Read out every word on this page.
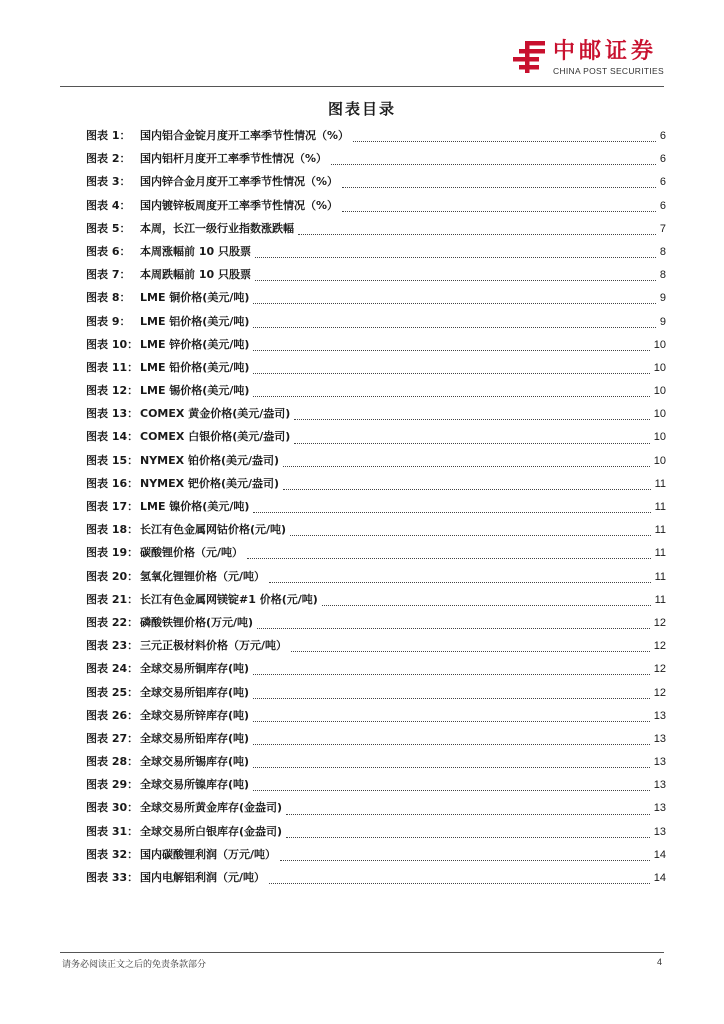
中邮证券
CHINA POST SECURITIES
图表目录
图表 1： 国内铝合金锭月度开工率季节性情况（%）	6
图表 2： 国内铝杆月度开工率季节性情况（%）	6
图表 3： 国内锌合金月度开工率季节性情况（%）	6
图表 4： 国内镀锌板周度开工率季节性情况（%）	6
图表 5： 本周，长江一级行业指数涨跌幅	7
图表 6： 本周涨幅前 10 只股票	8
图表 7： 本周跌幅前 10 只股票	8
图表 8： LME 铜价格(美元/吨)	9
图表 9： LME 铝价格(美元/吨)	9
图表 10： LME 锌价格(美元/吨)	10
图表 11： LME 铅价格(美元/吨)	10
图表 12： LME 锡价格(美元/吨)	10
图表 13： COMEX 黄金价格(美元/盎司)	10
图表 14： COMEX 白银价格(美元/盎司)	10
图表 15： NYMEX 铂价格(美元/盎司)	10
图表 16： NYMEX 钯价格(美元/盎司)	11
图表 17： LME 镍价格(美元/吨)	11
图表 18： 长江有色金属网钴价格(元/吨)	11
图表 19： 碳酸锂价格（元/吨）	11
图表 20： 氢氧化锂锂价格（元/吨）	11
图表 21： 长江有色金属网镁锭#1 价格(元/吨)	11
图表 22： 磷酸铁锂价格(万元/吨)	12
图表 23： 三元正极材料价格（万元/吨）	12
图表 24： 全球交易所铜库存(吨)	12
图表 25： 全球交易所铝库存(吨)	12
图表 26： 全球交易所锌库存(吨)	13
图表 27： 全球交易所铅库存(吨)	13
图表 28： 全球交易所锡库存(吨)	13
图表 29： 全球交易所镍库存(吨)	13
图表 30： 全球交易所黄金库存(金盎司)	13
图表 31： 全球交易所白银库存(金盎司)	13
图表 32： 国内碳酸锂利润（万元/吨）	14
图表 33： 国内电解铝利润（元/吨）	14
请务必阅读正文之后的免责条款部分	4
